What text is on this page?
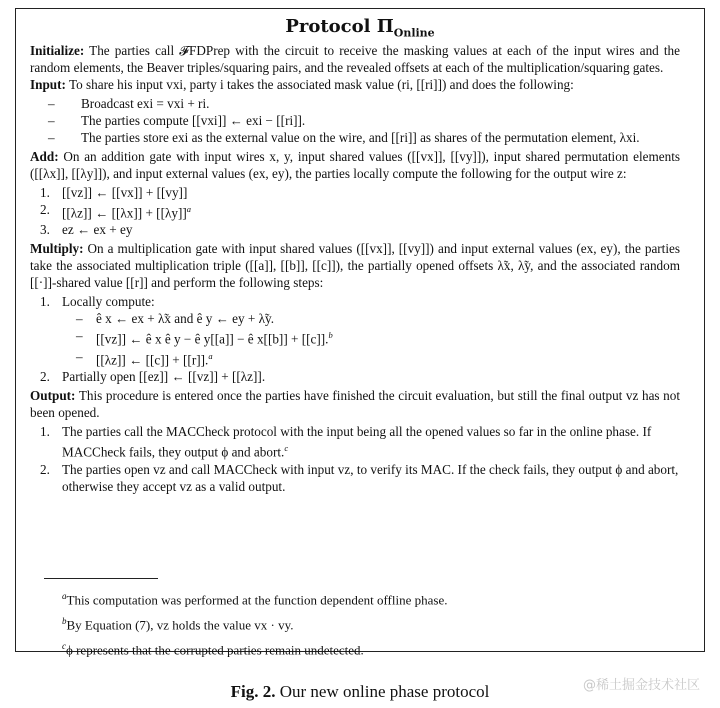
Protocol $\Pi_{Online}$

Initialize: The parties call 𝓕FDPrep with the circuit to receive the masking values at each of the input wires and the random elements, the Beaver triples/squaring pairs, and the revealed offsets at each of the multiplication/squaring gates.

Input: To share his input vxi, party i takes the associated mask value (ri, [[ri]]) and does the following:

– Broadcast exi = vxi + ri.
– The parties compute [[vxi]] ← exi − [[ri]].
– The parties store exi as the external value on the wire, and [[ri]] as shares of the permutation element, λxi.

Add: On an addition gate with input wires x, y, input shared values ([[vx]], [[vy]]), input shared permutation elements ([[λx]], [[λy]]), and input external values (ex, ey), the parties locally compute the following for the output wire z:

1. [[vz]] ← [[vx]] + [[vy]]
2. [[λz]] ← $[[\lambda x]] + [[\lambda y]]^a$
3. ez ← ex + ey

Multiply: On a multiplication gate with input shared values ([[vx]], [[vy]]) and input external values (ex, ey), the parties take the associated multiplication triple ([[a]], [[b]], [[c]]), the partially opened offsets λ̃x, λ̃y, and the associated random [[·]]-shared value [[r]] and perform the following steps:

1. Locally compute:
– ê x ← ex + λ̃x and ê y ← ey + λ̃y.
– [[vz]] ← ê x ê y − ê y[[a]] − ê x[[b]] + [[c]].$^b$
– [[λz]] ← [[c]] + [[r]].$^a$
2. Partially open [[ez]] ← [[vz]] + [[λz]].

Output: This procedure is entered once the parties have finished the circuit evaluation, but still the final output vz has not been opened.

1. The parties call the MACCheck protocol with the input being all the opened values so far in the online phase. If MACCheck fails, they output ϕ and abort.$^c$
2. The parties open vz and call MACCheck with input vz, to verify its MAC. If the check fails, they output ϕ and abort, otherwise they accept vz as a valid output.
$^a$This computation was performed at the function dependent offline phase.
$^b$By Equation (7), vz holds the value vx · vy.
$^c$ϕ represents that the corrupted parties remain undetected.
Fig. 2. Our new online phase protocol	@稀土掘金技术社区
